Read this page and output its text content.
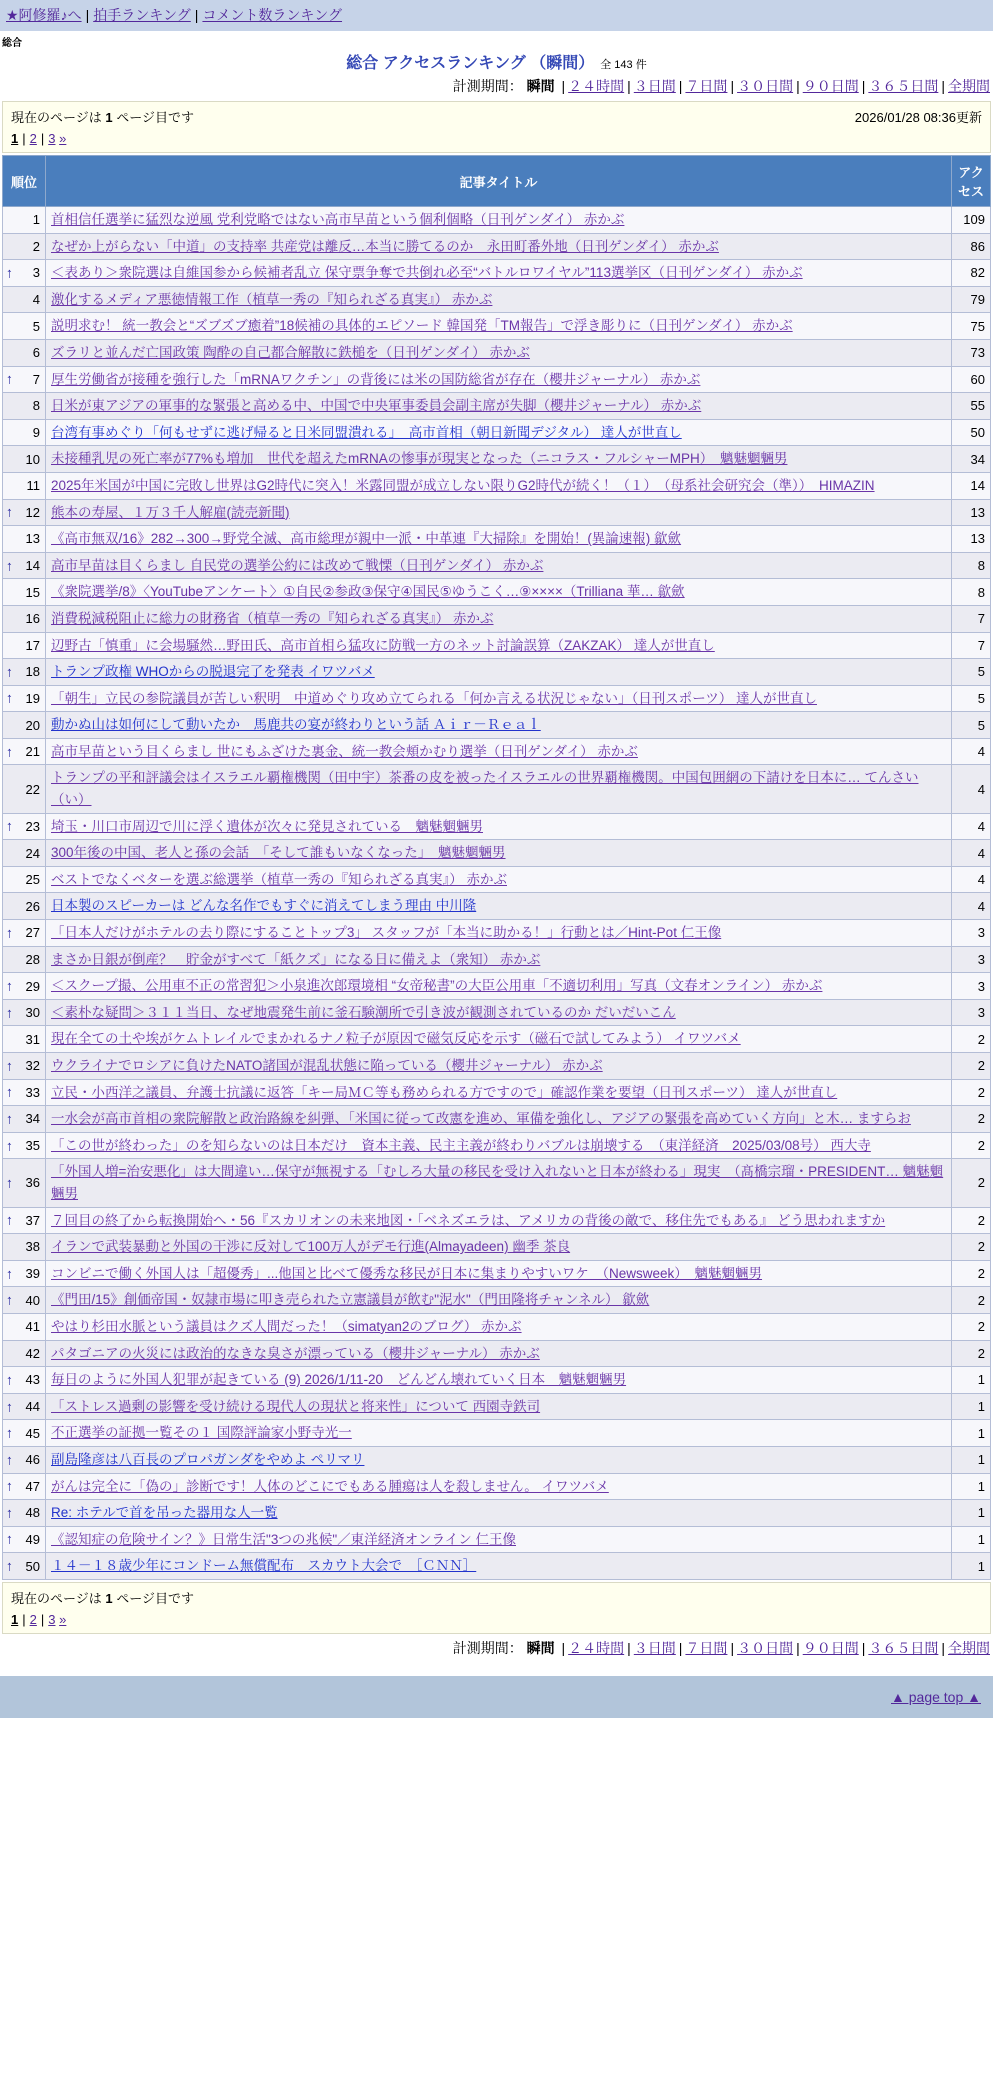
★阿修羅♪へ | 拍手ランキング | コメント数ランキング
総合
総合 アクセスランキング （瞬間） 全 143 件
計測期間： 瞬間 | ２４時間 | ３日間 | ７日間 | ３０日間 | ９０日間 | ３６５日間 | 全期間
現在のページは 1 ページ目です	2026/01/28 08:36更新
1 | 2 | 3 »
順位	記事タイトル	アクセス
1	首相信任選挙に猛烈な逆風 党利党略ではない高市早苗という個利個略（日刊ゲンダイ） 赤かぶ	109
2	なぜか上がらない「中道」の支持率 共産党は離反…本当に勝てるのか　永田町番外地（日刊ゲンダイ） 赤かぶ	86

↑ 3	＜表あり＞衆院選は自維国参から候補者乱立 保守票争奪で共倒れ必至“バトルロワイヤル”113選挙区（日刊ゲンダイ） 赤かぶ	82
4	激化するメディア悪徳情報工作（植草一秀の『知られざる真実』） 赤かぶ	79
5	説明求む！ 統一教会と“ズブズブ癒着”18候補の具体的エピソード 韓国発「TM報告」で浮き彫りに（日刊ゲンダイ） 赤かぶ	75
6	ズラリと並んだ亡国政策 陶酔の自己都合解散に鉄槌を（日刊ゲンダイ） 赤かぶ	73

↑ 7	厚生労働省が接種を強行した「mRNAワクチン」の背後には米の国防総省が存在（櫻井ジャーナル） 赤かぶ	60
8	日米が東アジアの軍事的な緊張と高める中、中国で中央軍事委員会副主席が失脚（櫻井ジャーナル） 赤かぶ	55
9	台湾有事めぐり「何もせずに逃げ帰ると日米同盟潰れる」　高市首相（朝日新聞デジタル） 達人が世直し	50
10	未接種乳児の死亡率が77%も増加　世代を超えたmRNAの惨事が現実となった（ニコラス・フルシャーMPH）　魑魅魍魎男	34
11	2025年米国が中国に完敗し世界はG2時代に突入！米露同盟が成立しない限りG2時代が続く！（１）　（母系社会研究会（準））　HIMAZIN	14

↑ 12	熊本の寿屋、１万３千人解雇(読売新聞)	13
13	《高市無双/16》282→300→野党全滅、高市総理が親中一派・中革連『大掃除』を開始！(異論速報) 歙歛	13

↑ 14	高市早苗は目くらまし 自民党の選挙公約には改めて戦慄（日刊ゲンダイ） 赤かぶ	8
15	《衆院選挙/8》〈YouTubeアンケート〉①自民②参政③保守④国民⑤ゆうこく…⑨××××（Trilliana 華… 歙歛	8
16	消費税減税阻止に総力の財務省（植草一秀の『知られざる真実』） 赤かぶ	7
17	辺野古「慎重」に会場騒然…野田氏、高市首相ら猛攻に防戦一方のネット討論誤算（ZAKZAK） 達人が世直し	7

↑ 18	トランプ政権 WHOからの脱退完了を発表 イワツバメ	5

↑ 19	「朝生」立民の参院議員が苦しい釈明　中道めぐり攻め立てられる「何か言える状況じゃない」（日刊スポーツ） 達人が世直し	5
20	動かぬ山は如何にして動いたか　馬鹿共の宴が終わりという話 Ａｉｒ－Ｒｅａｌ	5

↑ 21	高市早苗という目くらまし 世にもふざけた裏金、統一教会頬かむり選挙（日刊ゲンダイ） 赤かぶ	4
22	トランプの平和評議会はイスラエル覇権機関（田中宇）茶番の皮を被ったイスラエルの世界覇権機関。中国包囲網の下請けを日本に… てんさい（い）	4

↑ 23	埼玉・川口市周辺で川に浮く遺体が次々に発見されている　魑魅魍魎男	4
24	300年後の中国、老人と孫の会話　「そして誰もいなくなった」　魑魅魍魎男	4
25	ベストでなくベターを選ぶ総選挙（植草一秀の『知られざる真実』） 赤かぶ	4
26	日本製のスピーカーは どんな名作でもすぐに消えてしまう理由 中川隆	4

↑ 27	「日本人だけがホテルの去り際にすることトップ3」 スタッフが「本当に助かる！」行動とは／Hint-Pot 仁王像	3
28	まさか日銀が倒産？　貯金がすべて「紙クズ」になる日に備えよ（衆知） 赤かぶ	3

↑ 29	＜スクープ撮、公用車不正の常習犯＞小泉進次郎環境相 “女帝秘書”の大臣公用車「不適切利用」写真（文春オンライン） 赤かぶ	3

↑ 30	＜素朴な疑問＞３１１当日、なぜ地震発生前に釜石験潮所で引き波が観測されているのか だいだいこん	3
31	現在全ての土や埃がケムトレイルでまかれるナノ粒子が原因で磁気反応を示す（磁石で試してみよう） イワツバメ	2

↑ 32	ウクライナでロシアに負けたNATO諸国が混乱状態に陥っている（櫻井ジャーナル） 赤かぶ	2

↑ 33	立民・小西洋之議員、弁護士抗議に返答「キー局ＭＣ等も務められる方ですので」確認作業を要望（日刊スポーツ） 達人が世直し	2

↑ 34	一水会が高市首相の衆院解散と政治路線を糾弾、「米国に従って改憲を進め、軍備を強化し、アジアの緊張を高めていく方向」と木… ますらお	2

↑ 35	「この世が終わった」のを知らないのは日本だけ　資本主義、民主主義が終わりバブルは崩壊する　（東洋経済　2025/03/08号） 西大寺	2

↑ 36	「外国人増=治安悪化」は大間違い…保守が無視する「むしろ大量の移民を受け入れないと日本が終わる」現実　（髙橋宗瑠・PRESIDENT… 魑魅魍魎男	2

↑ 37	７回目の終了から転換開始へ・56『スカリオンの未来地図・「ベネズエラは、アメリカの背後の敵で、移住先でもある』 どう思われますか	2
38	イランで武装暴動と外国の干渉に反対して100万人がデモ行進(Almayadeen) 幽季 茶良	2

↑ 39	コンビニで働く外国人は「超優秀」...他国と比べて優秀な移民が日本に集まりやすいワケ　（Newsweek）　魑魅魍魎男	2

↑ 40	《門田/15》創価帝国・奴隷市場に叩き売られた立憲議員が飲む"泥水"（門田隆将チャンネル） 歙歛	2
41	やはり杉田水脈という議員はクズ人間だった！（simatyan2のブログ） 赤かぶ	2
42	パタゴニアの火災には政治的なきな臭さが漂っている（櫻井ジャーナル） 赤かぶ	2

↑ 43	毎日のように外国人犯罪が起きている (9) 2026/1/11-20　どんどん壊れていく日本　魑魅魍魎男	1

↑ 44	「ストレス過剰の影響を受け続ける現代人の現状と将来性」について 西園寺鉄司	1

↑ 45	不正選挙の証拠一覧その１ 国際評論家小野寺光一	1

↑ 46	副島隆彦は八百長のプロパガンダをやめよ ペリマリ	1

↑ 47	がんは完全に「偽の」診断です！人体のどこにでもある腫瘍は人を殺しません。 イワツバメ	1

↑ 48	Re: ホテルで首を吊った器用な人一覧	1

↑ 49	《認知症の危険サイン？》日常生活"3つの兆候"／東洋経済オンライン 仁王像	1

↑ 50	１４－１８歳少年にコンドーム無償配布　スカウト大会で　［ＣＮＮ］	1
現在のページは 1 ページ目です
1 | 2 | 3 »
計測期間： 瞬間 | ２４時間 | ３日間 | ７日間 | ３０日間 | ９０日間 | ３６５日間 | 全期間
▲ page top ▲
